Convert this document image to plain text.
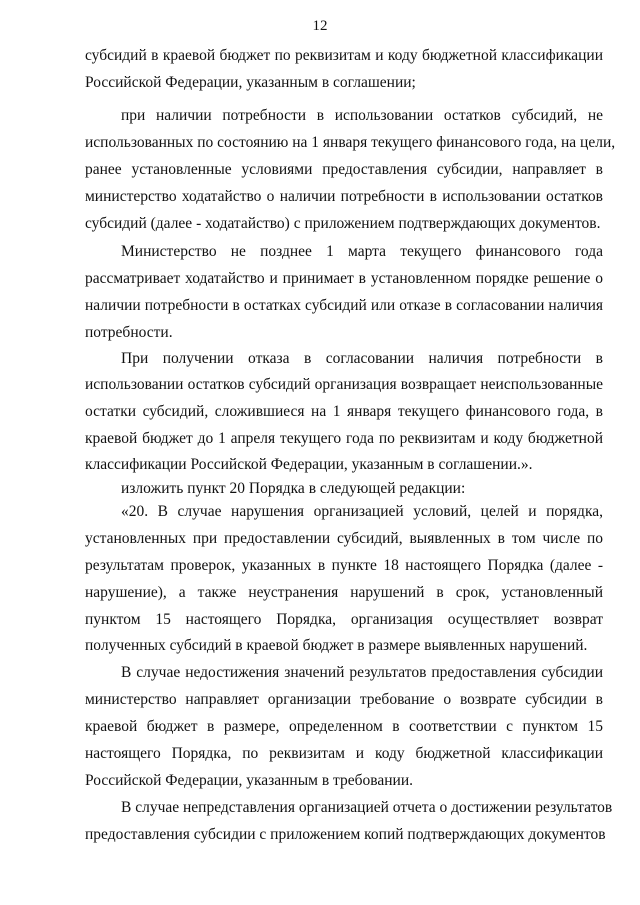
12
субсидий в краевой бюджет по реквизитам и коду бюджетной классификации
Российской Федерации, указанным в соглашении;
при наличии потребности в использовании остатков субсидий, не
использованных по состоянию на 1 января текущего финансового года, на цели,
ранее установленные условиями предоставления субсидии, направляет в
министерство ходатайство о наличии потребности в использовании остатков
субсидий (далее - ходатайство) с приложением подтверждающих документов.
Министерство не позднее 1 марта текущего финансового года
рассматривает ходатайство и принимает в установленном порядке решение о
наличии потребности в остатках субсидий или отказе в согласовании наличия
потребности.
При получении отказа в согласовании наличия потребности в
использовании остатков субсидий организация возвращает неиспользованные
остатки субсидий, сложившиеся на 1 января текущего финансового года, в
краевой бюджет до 1 апреля текущего года по реквизитам и коду бюджетной
классификации Российской Федерации, указанным в соглашении.».
изложить пункт 20 Порядка в следующей редакции:
«20. В случае нарушения организацией условий, целей и порядка,
установленных при предоставлении субсидий, выявленных в том числе по
результатам проверок, указанных в пункте 18 настоящего Порядка (далее -
нарушение), а также неустранения нарушений в срок, установленный
пунктом 15 настоящего Порядка, организация осуществляет возврат
полученных субсидий в краевой бюджет в размере выявленных нарушений.
В случае недостижения значений результатов предоставления субсидии
министерство направляет организации требование о возврате субсидии в
краевой бюджет в размере, определенном в соответствии с пунктом 15
настоящего Порядка, по реквизитам и коду бюджетной классификации
Российской Федерации, указанным в требовании.
В случае непредставления организацией отчета о достижении результатов
предоставления субсидии с приложением копий подтверждающих документов
